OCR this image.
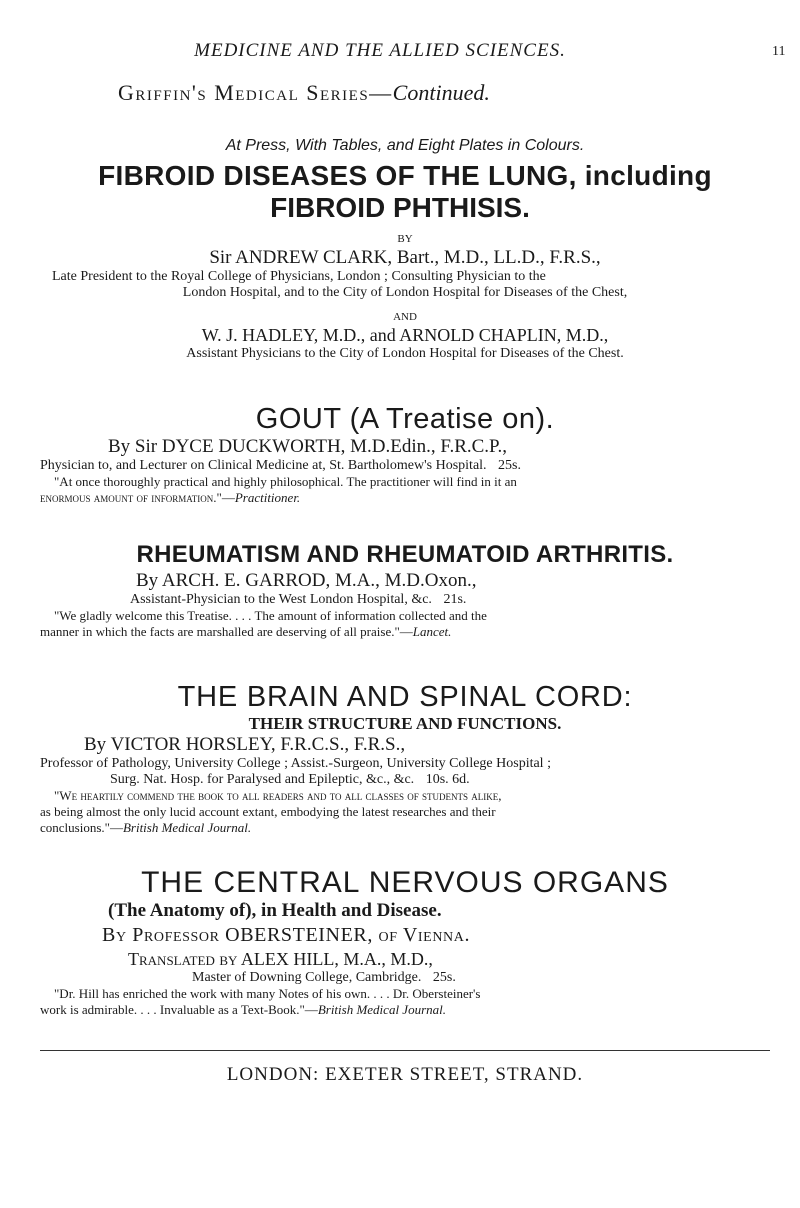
MEDICINE AND THE ALLIED SCIENCES.	11
Griffin's Medical Series—Continued.
At Press, With Tables, and Eight Plates in Colours.
FIBROID DISEASES OF THE LUNG, including
FIBROID PHTHISIS.
BY
Sir ANDREW CLARK, Bart., M.D., LL.D., F.R.S.,
Late President to the Royal College of Physicians, London ; Consulting Physician to the
London Hospital, and to the City of London Hospital for Diseases of the Chest,
AND
W. J. HADLEY, M.D., and ARNOLD CHAPLIN, M.D.,
Assistant Physicians to the City of London Hospital for Diseases of the Chest.
GOUT (A Treatise on).
By Sir DYCE DUCKWORTH, M.D.Edin., F.R.C.P.,
Physician to, and Lecturer on Clinical Medicine at, St. Bartholomew's Hospital. 25s.
"At once thoroughly practical and highly philosophical. The practitioner will find in it an
enormous amount of information."—Practitioner.
RHEUMATISM AND RHEUMATOID ARTHRITIS.
By ARCH. E. GARROD, M.A., M.D.Oxon.,
Assistant-Physician to the West London Hospital, &c. 21s.
"We gladly welcome this Treatise. . . . The amount of information collected and the
manner in which the facts are marshalled are deserving of all praise."—Lancet.
THE BRAIN AND SPINAL CORD:
THEIR STRUCTURE AND FUNCTIONS.
By VICTOR HORSLEY, F.R.C.S., F.R.S.,
Professor of Pathology, University College ; Assist.-Surgeon, University College Hospital ;
Surg. Nat. Hosp. for Paralysed and Epileptic, &c., &c. 10s. 6d.
"We heartily commend the book to all readers and to all classes of students alike,
as being almost the only lucid account extant, embodying the latest researches and their
conclusions."—British Medical Journal.
THE CENTRAL NERVOUS ORGANS
(The Anatomy of), in Health and Disease.
By Professor OBERSTEINER, of Vienna.
Translated by ALEX HILL, M.A., M.D.,
Master of Downing College, Cambridge. 25s.
"Dr. Hill has enriched the work with many Notes of his own. . . . Dr. Obersteiner's
work is admirable. . . . Invaluable as a Text-Book."—British Medical Journal.
LONDON: EXETER STREET, STRAND.
